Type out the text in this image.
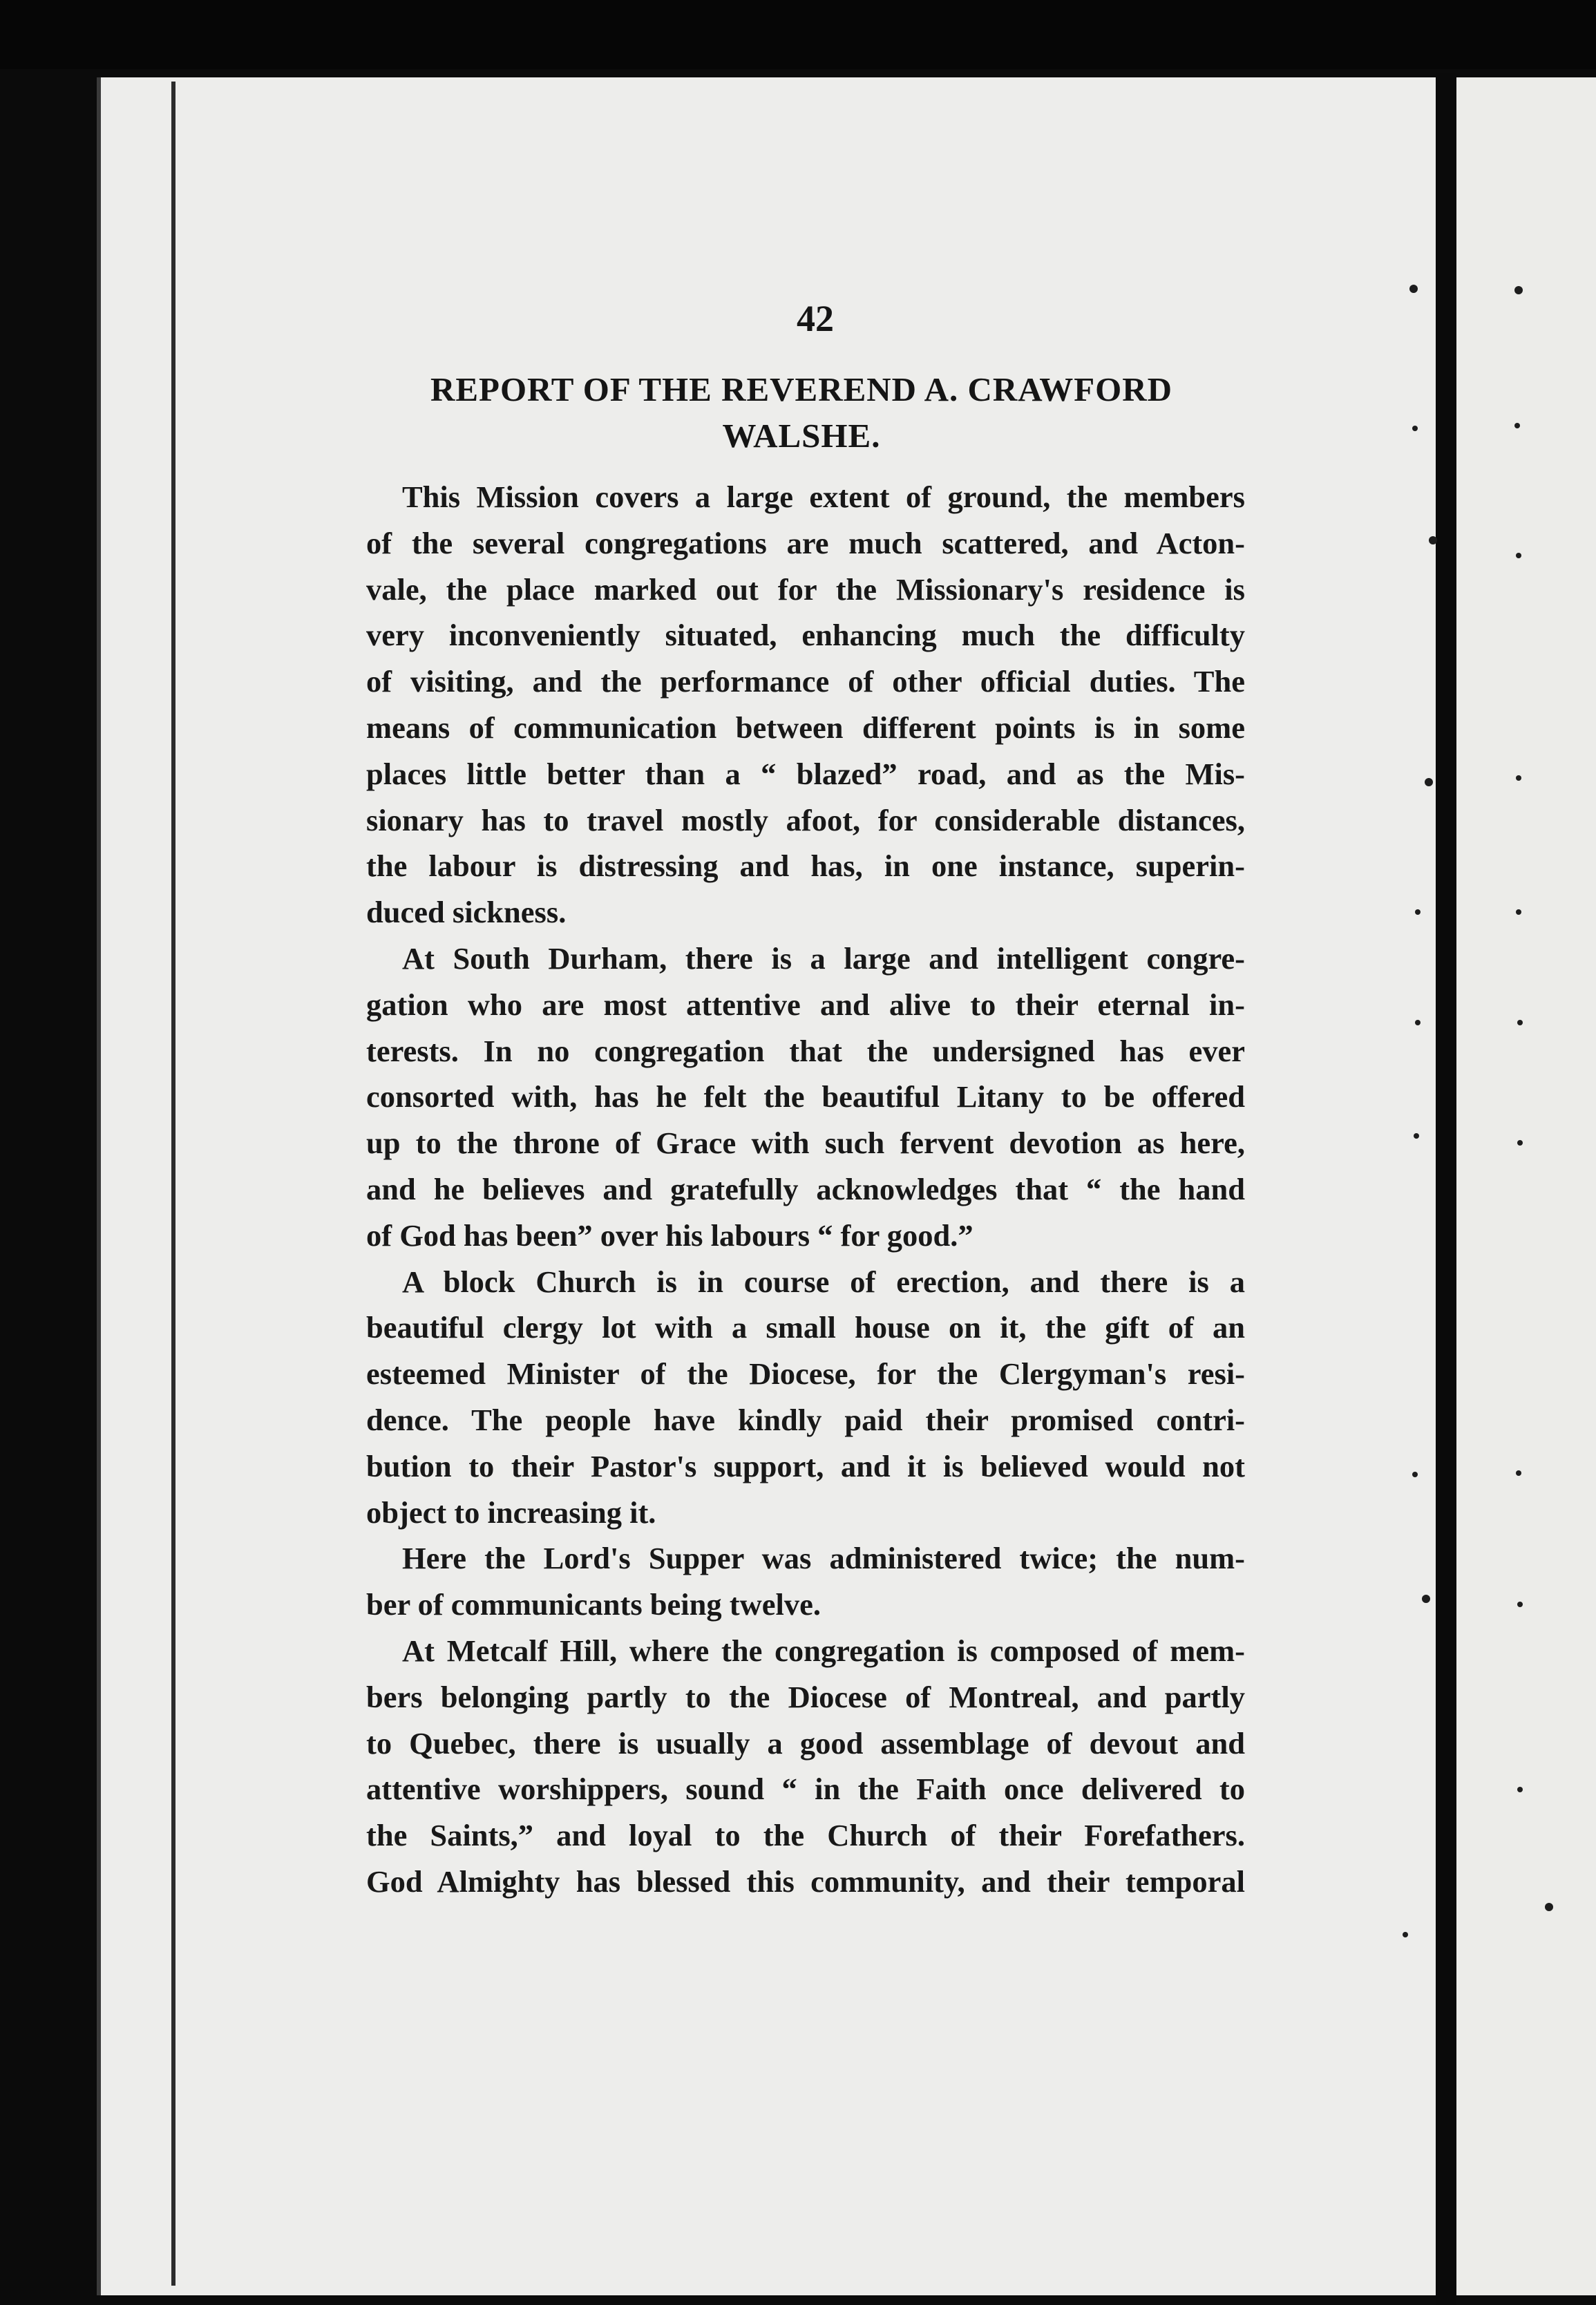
42
REPORT OF THE REVEREND A. CRAWFORD
WALSHE.
This Mission covers a large extent of ground, the members
of the several congregations are much scattered, and Acton-
vale, the place marked out for the Missionary's residence is
very inconveniently situated, enhancing much the difficulty
of visiting, and the performance of other official duties. The
means of communication between different points is in some
places little better than a “ blazed” road, and as the Mis-
sionary has to travel mostly afoot, for considerable distances,
the labour is distressing and has, in one instance, superin-
duced sickness.
At South Durham, there is a large and intelligent congre-
gation who are most attentive and alive to their eternal in-
terests. In no congregation that the undersigned has ever
consorted with, has he felt the beautiful Litany to be offered
up to the throne of Grace with such fervent devotion as here,
and he believes and gratefully acknowledges that “ the hand
of God has been” over his labours “ for good.”
A block Church is in course of erection, and there is a
beautiful clergy lot with a small house on it, the gift of an
esteemed Minister of the Diocese, for the Clergyman's resi-
dence. The people have kindly paid their promised contri-
bution to their Pastor's support, and it is believed would not
object to increasing it.
Here the Lord's Supper was administered twice; the num-
ber of communicants being twelve.
At Metcalf Hill, where the congregation is composed of mem-
bers belonging partly to the Diocese of Montreal, and partly
to Quebec, there is usually a good assemblage of devout and
attentive worshippers, sound “ in the Faith once delivered to
the Saints,” and loyal to the Church of their Forefathers.
God Almighty has blessed this community, and their temporal
